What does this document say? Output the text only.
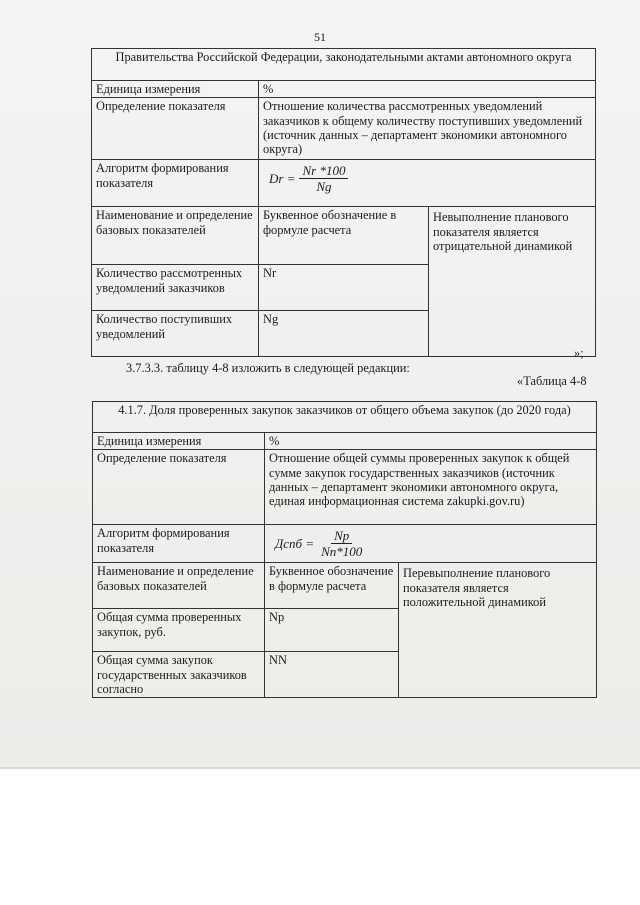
51
Правительства Российской Федерации, законодательными актами автономного округа		
Единица измерения	%	
Определение показателя	Отношение количества рассмотренных уведомлений заказчиков к общему количеству поступивших уведомлений (источник данных – департамент экономики автономного округа)	
Алгоритм формирования показателя	$Dr = \frac{Nr *100}{Ng}$

Наименование и определение базовых показателей	Буквенное обозначение в формуле расчета	Невыполнение планового показателя является отрицательной динамикой

Количество рассмотренных уведомлений заказчиков	Nr	
Количество поступивших уведомлений	Ng	
»;
3.7.3.3. таблицу 4-8 изложить в следующей редакции:
«Таблица 4-8
4.1.7. Доля проверенных закупок заказчиков от общего объема закупок (до 2020 года)		
Единица измерения	%	
Определение показателя	Отношение общей суммы проверенных закупок к общей сумме закупок государственных заказчиков (источник данных – департамент экономики автономного округа, единая информационная система zakupki.gov.ru)	
Алгоритм формирования показателя	Дспб = $\frac{Np}{Nn*100}$

Наименование и определение базовых показателей	Буквенное обозначение в формуле расчета	Перевыполнение планового показателя является положительной динамикой

Общая сумма проверенных закупок, руб.	Np	
Общая сумма закупок государственных заказчиков согласно	NN	
